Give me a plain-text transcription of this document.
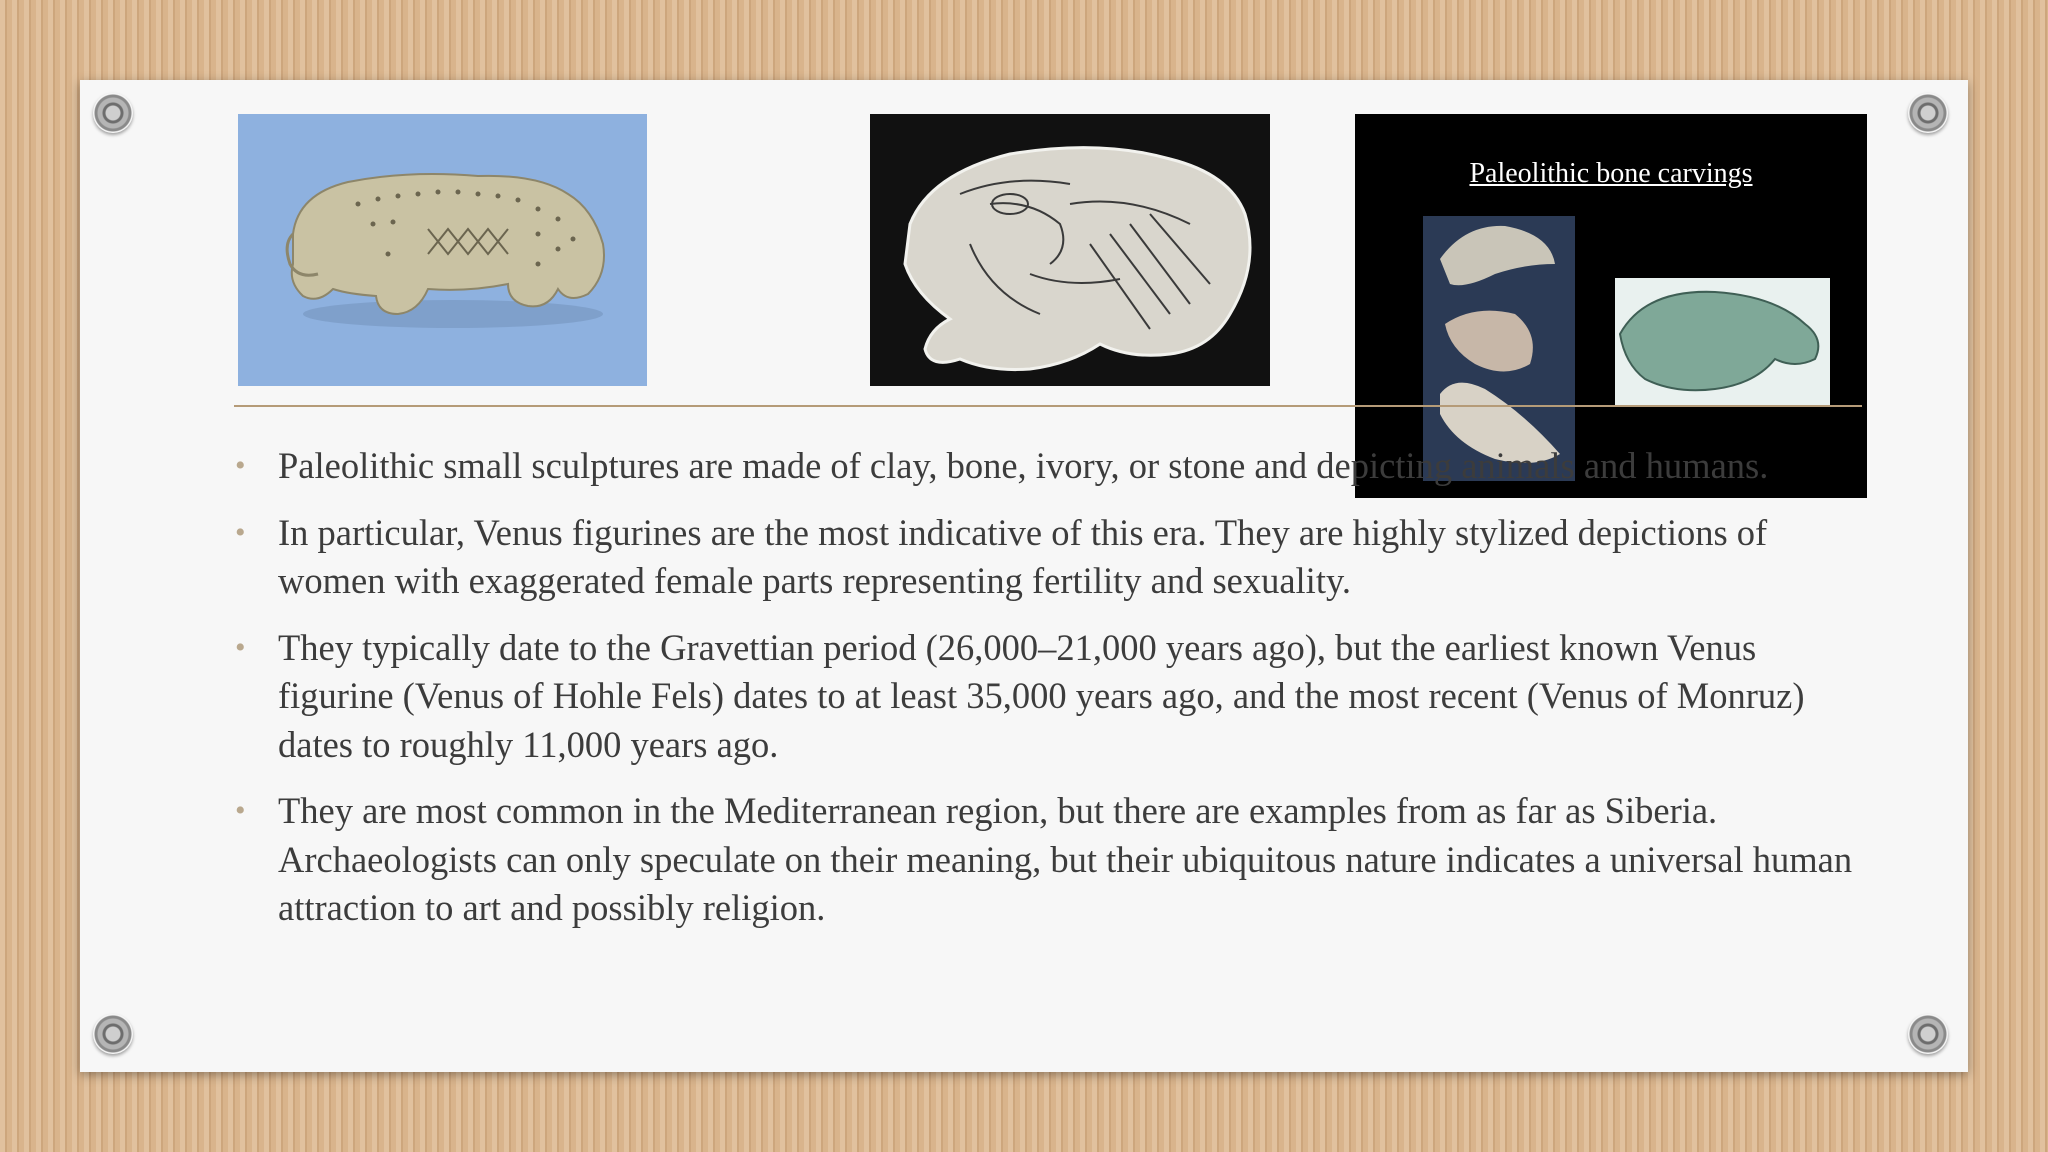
Paleolithic bone carvings
• Paleolithic small sculptures are made of clay, bone, ivory, or stone and depicting animals and humans.
• In particular, Venus figurines are the most indicative of this era. They are highly stylized depictions of women with exaggerated female parts representing fertility and sexuality.
• They typically date to the Gravettian period (26,000–21,000 years ago), but the earliest known Venus figurine (Venus of Hohle Fels) dates to at least 35,000 years ago, and the most recent (Venus of Monruz) dates to roughly 11,000 years ago.
• They are most common in the Mediterranean region, but there are examples from as far as Siberia. Archaeologists can only speculate on their meaning, but their ubiquitous nature indicates a universal human attraction to art and possibly religion.
